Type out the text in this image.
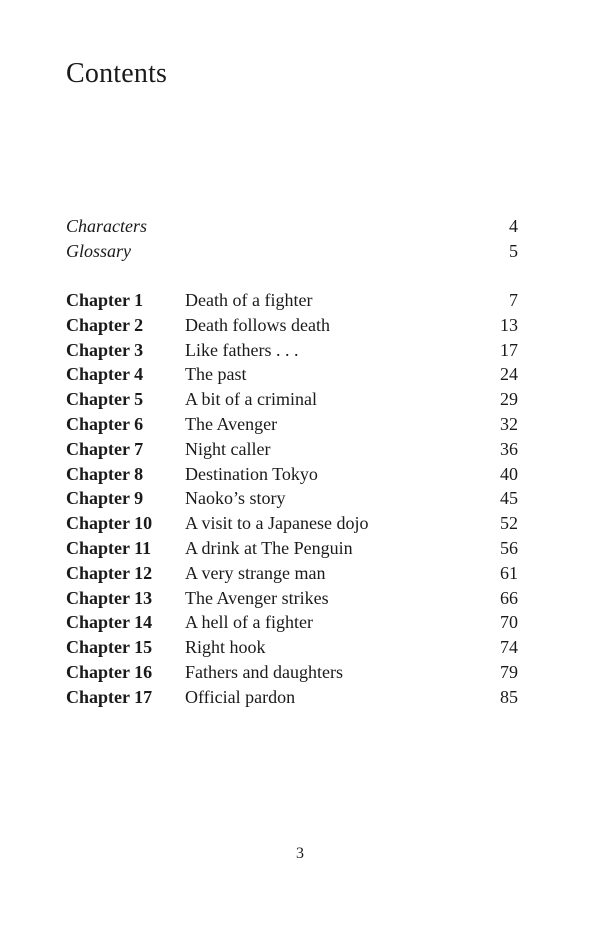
Contents
Characters	4
Glossary	5
Chapter 1 Death of a fighter	7
Chapter 2 Death follows death	13
Chapter 3 Like fathers . . .	17
Chapter 4 The past	24
Chapter 5 A bit of a criminal	29
Chapter 6 The Avenger	32
Chapter 7 Night caller	36
Chapter 8 Destination Tokyo	40
Chapter 9 Naoko’s story	45
Chapter 10 A visit to a Japanese dojo	52
Chapter 11 A drink at The Penguin	56
Chapter 12 A very strange man	61
Chapter 13 The Avenger strikes	66
Chapter 14 A hell of a fighter	70
Chapter 15 Right hook	74
Chapter 16 Fathers and daughters	79
Chapter 17 Official pardon	85
3
